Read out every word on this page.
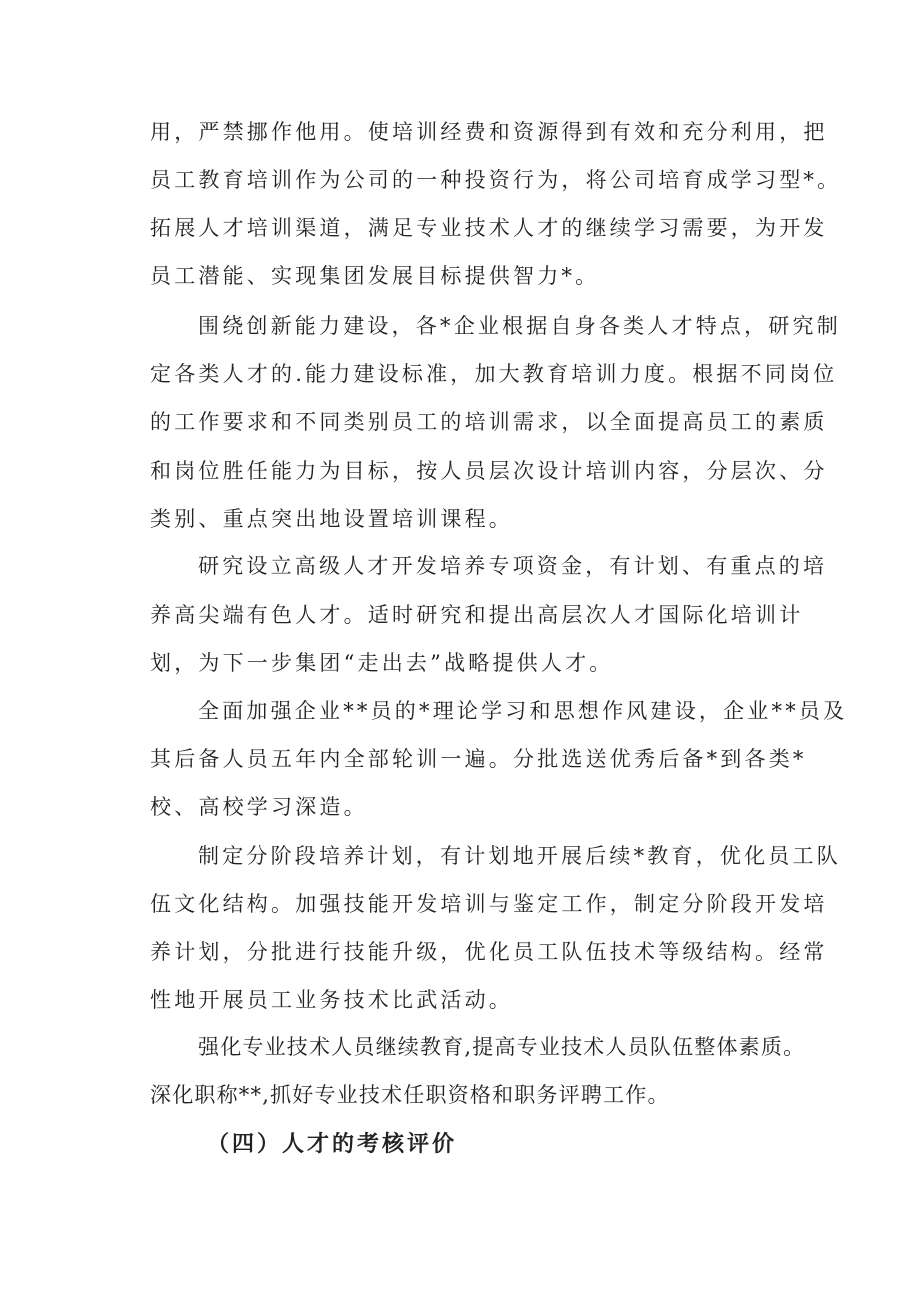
用，严禁挪作他用。使培训经费和资源得到有效和充分利用，把
员工教育培训作为公司的一种投资行为，将公司培育成学习型*。
拓展人才培训渠道，满足专业技术人才的继续学习需要，为开发
员工潜能、实现集团发展目标提供智力*。
围绕创新能力建设，各*企业根据自身各类人才特点，研究制
定各类人才的.能力建设标准，加大教育培训力度。根据不同岗位
的工作要求和不同类别员工的培训需求，以全面提高员工的素质
和岗位胜任能力为目标，按人员层次设计培训内容，分层次、分
类别、重点突出地设置培训课程。
研究设立高级人才开发培养专项资金，有计划、有重点的培
养高尖端有色人才。适时研究和提出高层次人才国际化培训计
划，为下一步集团“走出去”战略提供人才。
全面加强企业**员的*理论学习和思想作风建设，企业**员及
其后备人员五年内全部轮训一遍。分批选送优秀后备*到各类*
校、高校学习深造。
制定分阶段培养计划，有计划地开展后续*教育，优化员工队
伍文化结构。加强技能开发培训与鉴定工作，制定分阶段开发培
养计划，分批进行技能升级，优化员工队伍技术等级结构。经常
性地开展员工业务技术比武活动。
强化专业技术人员继续教育,提高专业技术人员队伍整体素质。
深化职称**,抓好专业技术任职资格和职务评聘工作。
（四）人才的考核评价
